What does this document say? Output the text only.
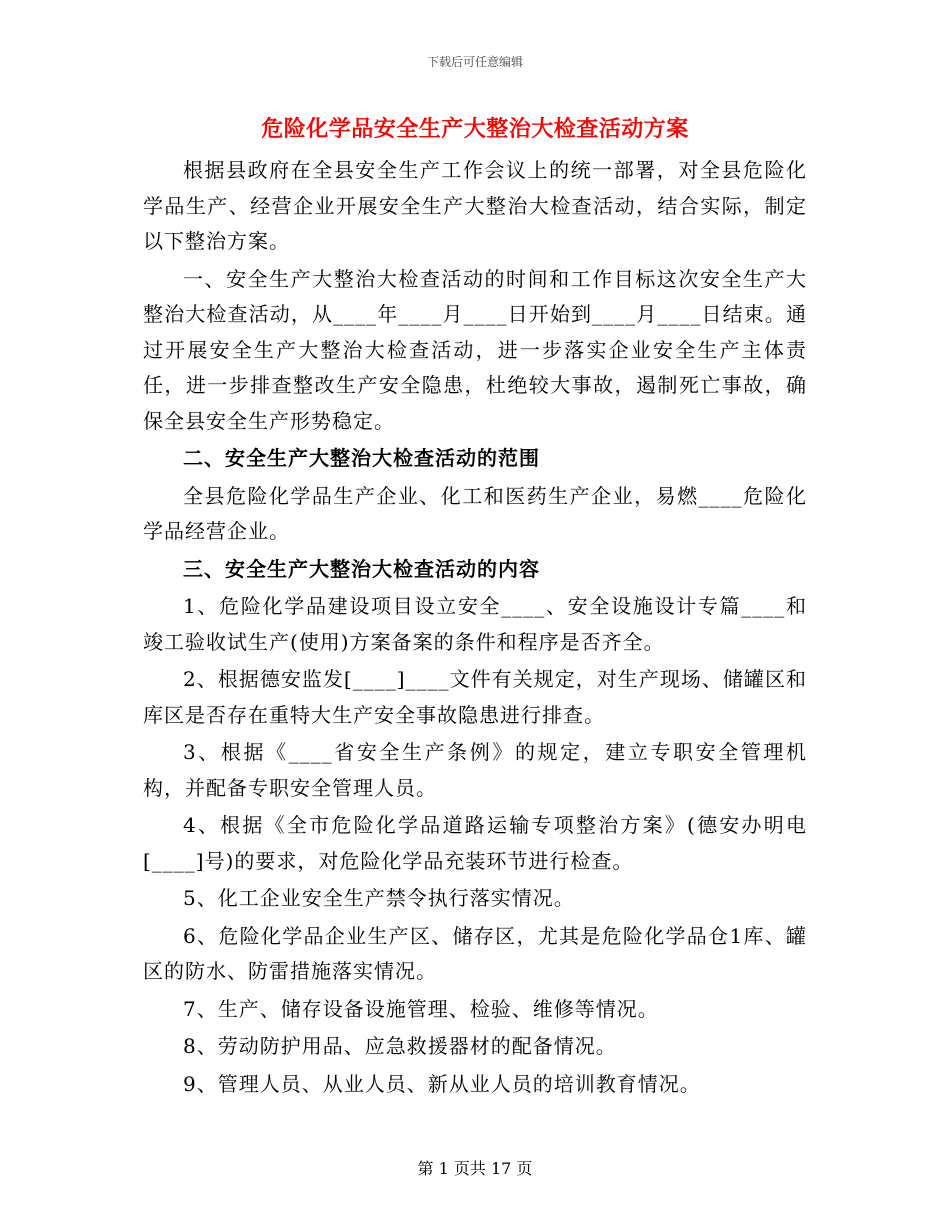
下载后可任意编辑
危险化学品安全生产大整治大检查活动方案

根据县政府在全县安全生产工作会议上的统一部署，对全县危险化学品生产、经营企业开展安全生产大整治大检查活动，结合实际，制定以下整治方案。

一、安全生产大整治大检查活动的时间和工作目标这次安全生产大整治大检查活动，从____年____月____日开始到____月____日结束。通过开展安全生产大整治大检查活动，进一步落实企业安全生产主体责任，进一步排查整改生产安全隐患，杜绝较大事故，遏制死亡事故，确保全县安全生产形势稳定。

二、安全生产大整治大检查活动的范围

全县危险化学品生产企业、化工和医药生产企业，易燃____危险化学品经营企业。

三、安全生产大整治大检查活动的内容

1、危险化学品建设项目设立安全____、安全设施设计专篇____和竣工验收试生产(使用)方案备案的条件和程序是否齐全。

2、根据德安监发[____]____文件有关规定，对生产现场、储罐区和库区是否存在重特大生产安全事故隐患进行排查。

3、根据《____省安全生产条例》的规定，建立专职安全管理机构，并配备专职安全管理人员。

4、根据《全市危险化学品道路运输专项整治方案》(德安办明电[____]号)的要求，对危险化学品充装环节进行检查。

5、化工企业安全生产禁令执行落实情况。

6、危险化学品企业生产区、储存区，尤其是危险化学品仓1库、罐区的防水、防雷措施落实情况。

7、生产、储存设备设施管理、检验、维修等情况。

8、劳动防护用品、应急救援器材的配备情况。

9、管理人员、从业人员、新从业人员的培训教育情况。

第 1 页共 17 页
